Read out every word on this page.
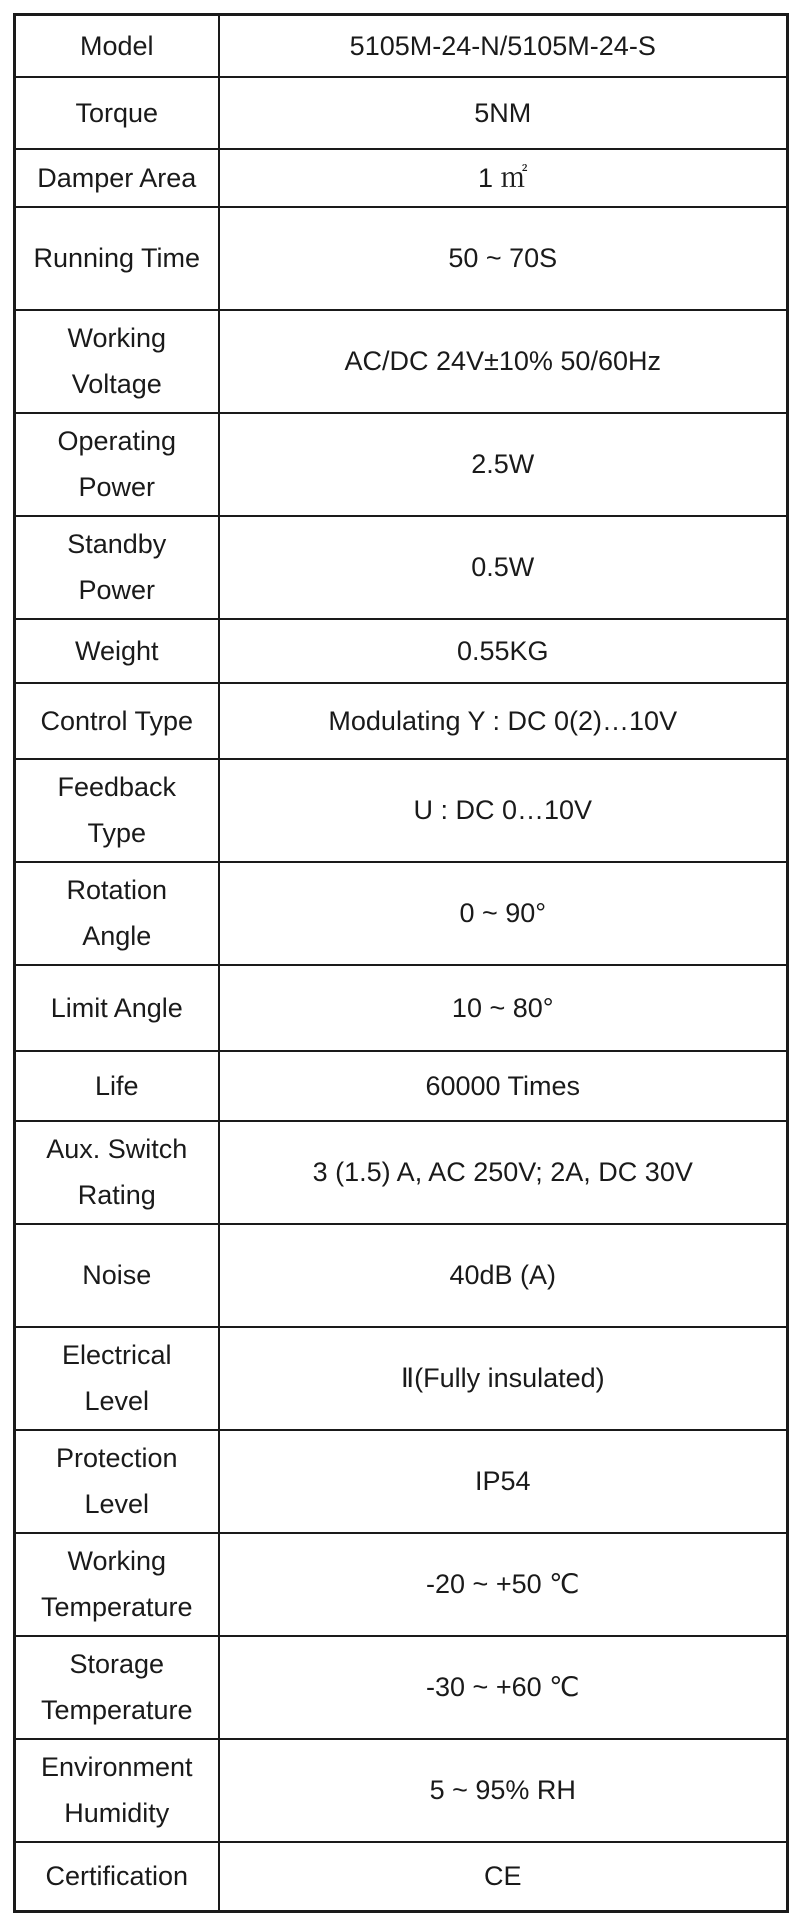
Model	5105M-24-N/5105M-24-S
Torque	5NM
Damper Area	1 ㎡
Running Time	50 ~ 70S
Working Voltage	AC/DC 24V±10% 50/60Hz
Operating Power	2.5W
Standby Power	0.5W
Weight	0.55KG
Control Type	Modulating Y : DC 0(2)…10V
Feedback Type	U : DC 0…10V
Rotation Angle	0 ~ 90°
Limit Angle	10 ~ 80°
Life	60000 Times
Aux. Switch Rating	3 (1.5) A, AC 250V; 2A, DC 30V
Noise	40dB (A)
Electrical Level	Ⅱ(Fully insulated)
Protection Level	IP54
Working Temperature	-20 ~ +50 ℃
Storage Temperature	-30 ~ +60 ℃
Environment Humidity	5 ~ 95% RH
Certification	CE
